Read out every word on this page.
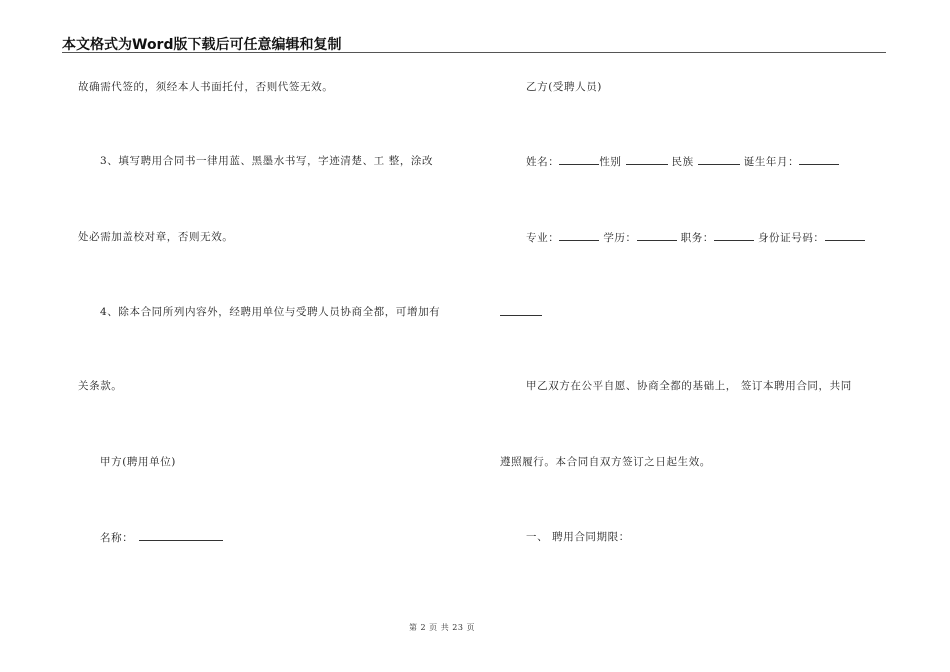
本文格式为Word版下载后可任意编辑和复制
故确需代签的，须经本人书面托付，否则代签无效。
3、填写聘用合同书一律用蓝、黑墨水书写，字迹清楚、工 整，涂改
处必需加盖校对章，否则无效。
4、除本合同所列内容外，经聘用单位与受聘人员协商全都，可增加有
关条款。
甲方(聘用单位)
名称：
乙方(受聘人员)
姓名：	性别	民族	诞生年月：
专业：	学历：	职务：	身份证号码：
甲乙双方在公平自愿、协商全都的基础上， 签订本聘用合同，共同
遵照履行。本合同自双方签订之日起生效。
一、 聘用合同期限：
第 2 页 共 23 页
